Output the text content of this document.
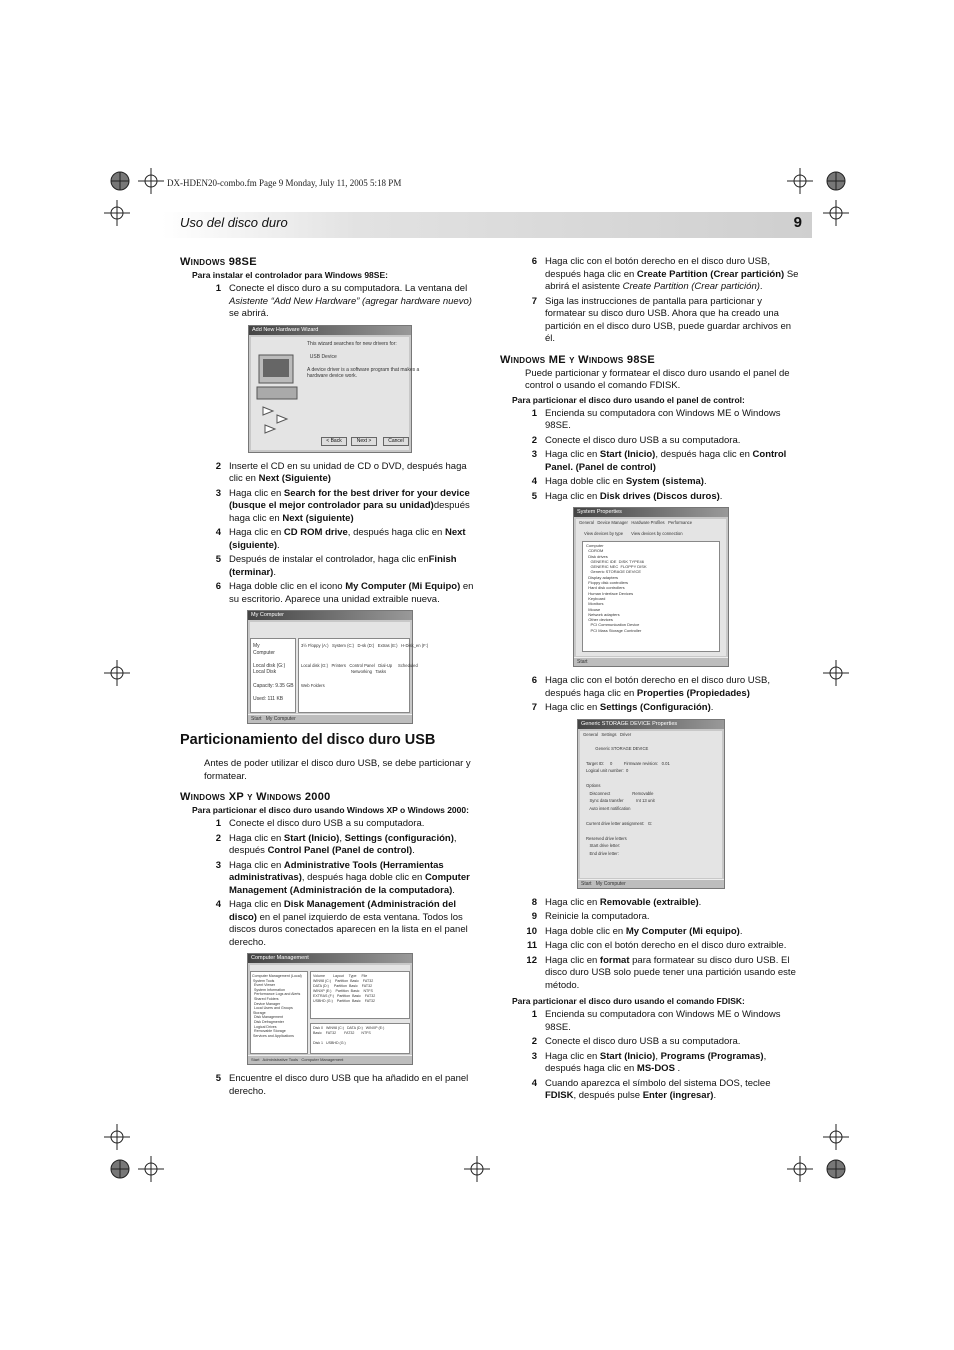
DX-HDEN20-combo.fm Page 9 Monday, July 11, 2005 5:18 PM
Uso del disco duro	9
Windows 98SE
Para instalar el controlador para Windows 98SE:
1 Conecte el disco duro a su computadora. La ventana del Asistente “Add New Hardware” (agregar hardware nuevo) se abrirá.
Add New Hardware Wizard
This wizard searches for new drivers for:

USB Device

A device driver is a software program that makes a
hardware device work.
< Back	Next >	Cancel
2 Inserte el CD en su unidad de CD o DVD, después haga clic en Next (Siguiente)
3 Haga clic en Search for the best driver for your device (busque el mejor controlador para su unidad)después haga clic en Next (siguiente)
4 Haga clic en CD ROM drive, después haga clic en Next (siguiente).
5 Después de instalar el controlador, haga clic enFinish (terminar).
6 Haga doble clic en el icono My Computer (Mi Equipo) en su escritorio. Aparece una unidad extraible nueva.
My Computer
My
Computer

Local disk (G:)
Local Disk

Capacity: 9.35 GB

Used: 111 KB
3½ Floppy (A:)   System (C:)   D-sk (D:)   Extras (E:)   H-Disk_en (F:)

Local disk (G:)   Printers   Control Panel   Dial-Up     Scheduled
Networking   Tasks

Web Folders
Start   My Computer
Particionamiento del disco duro USB
Antes de poder utilizar el disco duro USB, se debe particionar y formatear.
Windows XP y Windows 2000
Para particionar el disco duro usando Windows XP o Windows 2000:
1 Conecte el disco duro USB a su computadora.
2 Haga clic en Start (Inicio), Settings (configuración), después Control Panel (Panel de control).
3 Haga clic en Administrative Tools (Herramientas administrativas), después haga doble clic en Computer Management (Administración de la computadora).
4 Haga clic en Disk Management (Administración del disco) en el panel izquierdo de esta ventana. Todos los discos duros conectados aparecen en la lista en el panel derecho.
Computer Management
Computer Management (Local)
System Tools
Event Viewer
System Information
Performance Logs and Alerts
Shared Folders
Device Manager
Local Users and Groups
Storage
Disk Management
Disk Defragmenter
Logical Drives
Removable Storage
Services and Applications
Volume        Layout     Type     File
WIN98 (C:)    Partition  Basic    FAT32
DATA (D:)     Partition  Basic    FAT32
WINXP (E:)    Partition  Basic    NTFS
EXTRAS (F:)   Partition  Basic    FAT32
USBHD (G:)    Partition  Basic    FAT32
Disk 0   WIN98 (C:)   DATA (D:)   WINXP (E:)
Basic    FAT32        FAT32       NTFS

Disk 1   USBHD (G:)
Start   Administrative Tools   Computer Management
5 Encuentre el disco duro USB que ha añadido en el panel derecho.
6 Haga clic con el botón derecho en el disco duro USB, después haga clic en Create Partition (Crear partición) Se abrirá el asistente Create Partition (Crear partición).
7 Siga las instrucciones de pantalla para particionar y formatear su disco duro USB. Ahora que ha creado una partición en el disco duro USB, puede guardar archivos en él.
Windows ME y Windows 98SE
Puede particionar y formatear el disco duro usando el panel de control o usando el comando FDISK.
Para particionar el disco duro usando el panel de control:
1 Encienda su computadora con Windows ME o Windows 98SE.
2 Conecte el disco duro USB a su computadora.
3 Haga clic en Start (Inicio), después haga clic en Control Panel. (Panel de control)
4 Haga doble clic en System (sistema).
5 Haga clic en Disk drives (Discos duros).
System Properties
General   Device Manager   Hardware Profiles   Performance
View devices by type       View devices by connection
Computer
CDROM
Disk drives
GENERIC IDE  DISK TYPE46
GENERIC NEC  FLOPPY DISK
Generic STORAGE DEVICE
Display adapters
Floppy disk controllers
Hard disk controllers
Human Interface Devices
Keyboard
Monitors
Mouse
Network adapters
Other devices
PCI Communication Device
PCI Mass Storage Controller
Start
6 Haga clic con el botón derecho en el disco duro USB, después haga clic en Properties (Propiedades)
7 Haga clic en Settings (Configuración).
Generic STORAGE DEVICE Properties
General   Settings   Driver
Generic STORAGE DEVICE

Target ID:     0          Firmware revision:   0.01
Logical unit number:  0

Options
Disconnect                   Removable
Sync data transfer           Int 13 unit
Auto insert notification

Current drive letter assignment:   G:

Reserved drive letters
Start drive letter:
End drive letter:
Start   My Computer
8 Haga clic en Removable (extraible).
9 Reinicie la computadora.
10 Haga doble clic en My Computer (Mi equipo).
11 Haga clic con el botón derecho en el disco duro extraible.
12 Haga clic en format para formatear su disco duro USB. El disco duro USB solo puede tener una partición usando este método.
Para particionar el disco duro usando el comando FDISK:
1 Encienda su computadora con Windows ME o Windows 98SE.
2 Conecte el disco duro USB a su computadora.
3 Haga clic en Start (Inicio), Programs (Programas), después haga clic en MS-DOS .
4 Cuando aparezca el símbolo del sistema DOS, teclee FDISK, después pulse Enter (ingresar).
